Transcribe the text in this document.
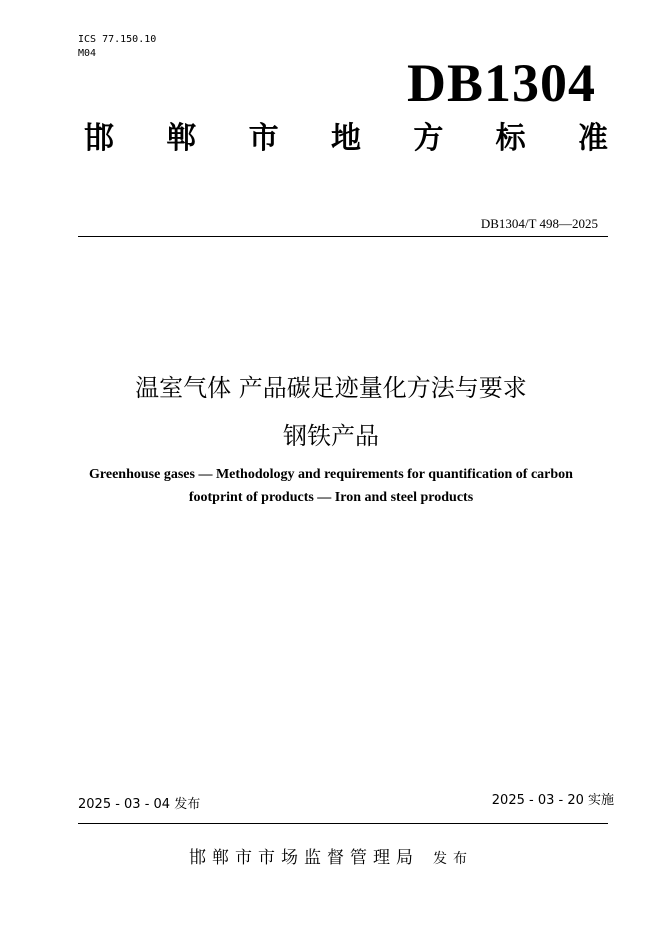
ICS 77.150.10
M04	DB1304
邯 郸 市 地 方 标 准
DB1304/T 498—2025
温室气体 产品碳足迹量化方法与要求
钢铁产品
Greenhouse gases — Methodology and requirements for quantification of carbon
footprint of products — Iron and steel products
2025 - 03 - 04 发布	2025 - 03 - 20 实施
邯郸市市场监督管理局 发布
